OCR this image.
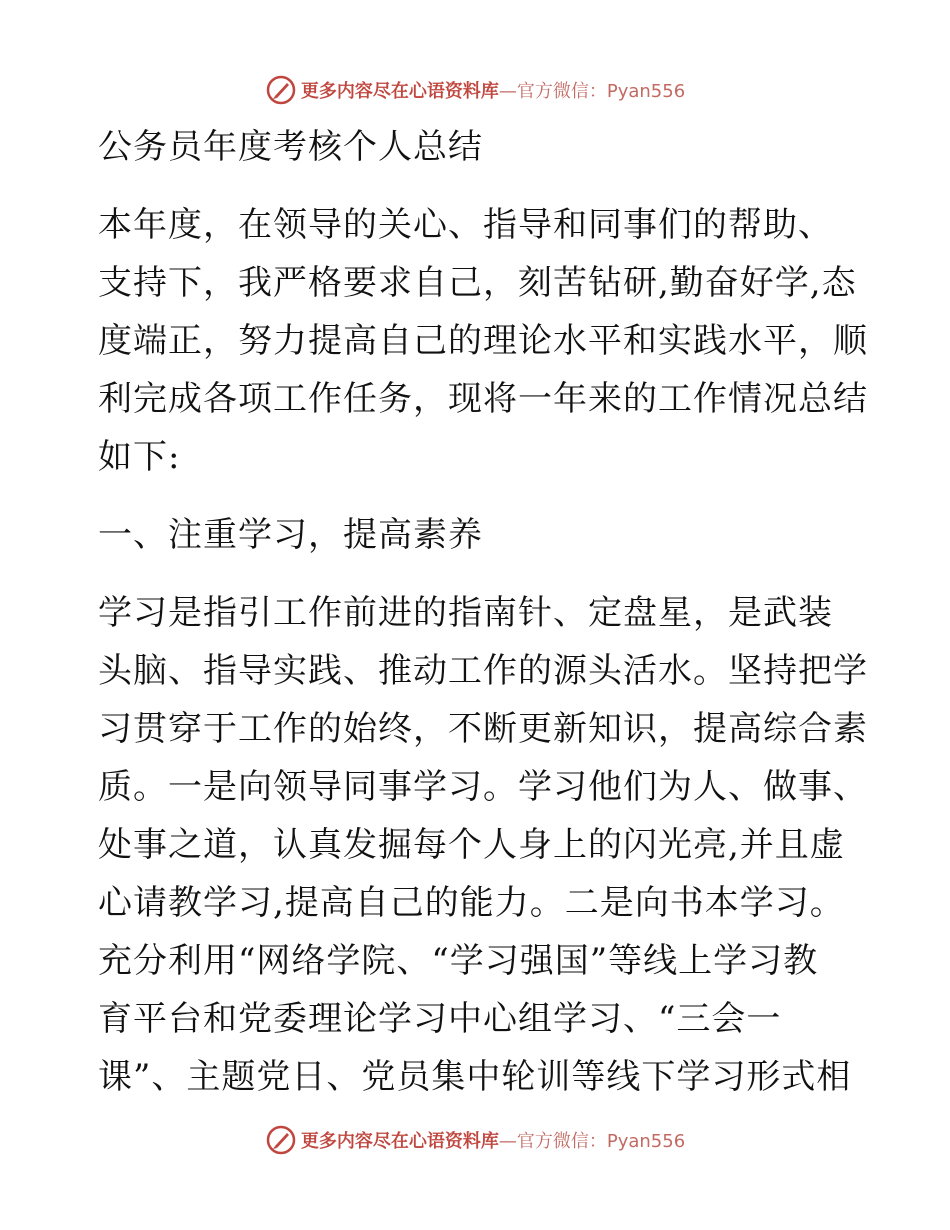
更多内容尽在心语资料库 —官方微信：Pyan556
公务员年度考核个人总结
本年度，在领导的关心、指导和同事们的帮助、
支持下，我严格要求自己，刻苦钻研,勤奋好学,态
度端正，努力提高自己的理论水平和实践水平，顺
利完成各项工作任务，现将一年来的工作情况总结
如下:
一、注重学习，提高素养
学习是指引工作前进的指南针、定盘星，是武装
头脑、指导实践、推动工作的源头活水。坚持把学
习贯穿于工作的始终，不断更新知识，提高综合素
质。一是向领导同事学习。学习他们为人、做事、
处事之道，认真发掘每个人身上的闪光亮,并且虚
心请教学习,提高自己的能力。二是向书本学习。
充分利用“网络学院、“学习强国”等线上学习教
育平台和党委理论学习中心组学习、“三会一
课”、主题党日、党员集中轮训等线下学习形式相
更多内容尽在心语资料库 —官方微信：Pyan556
